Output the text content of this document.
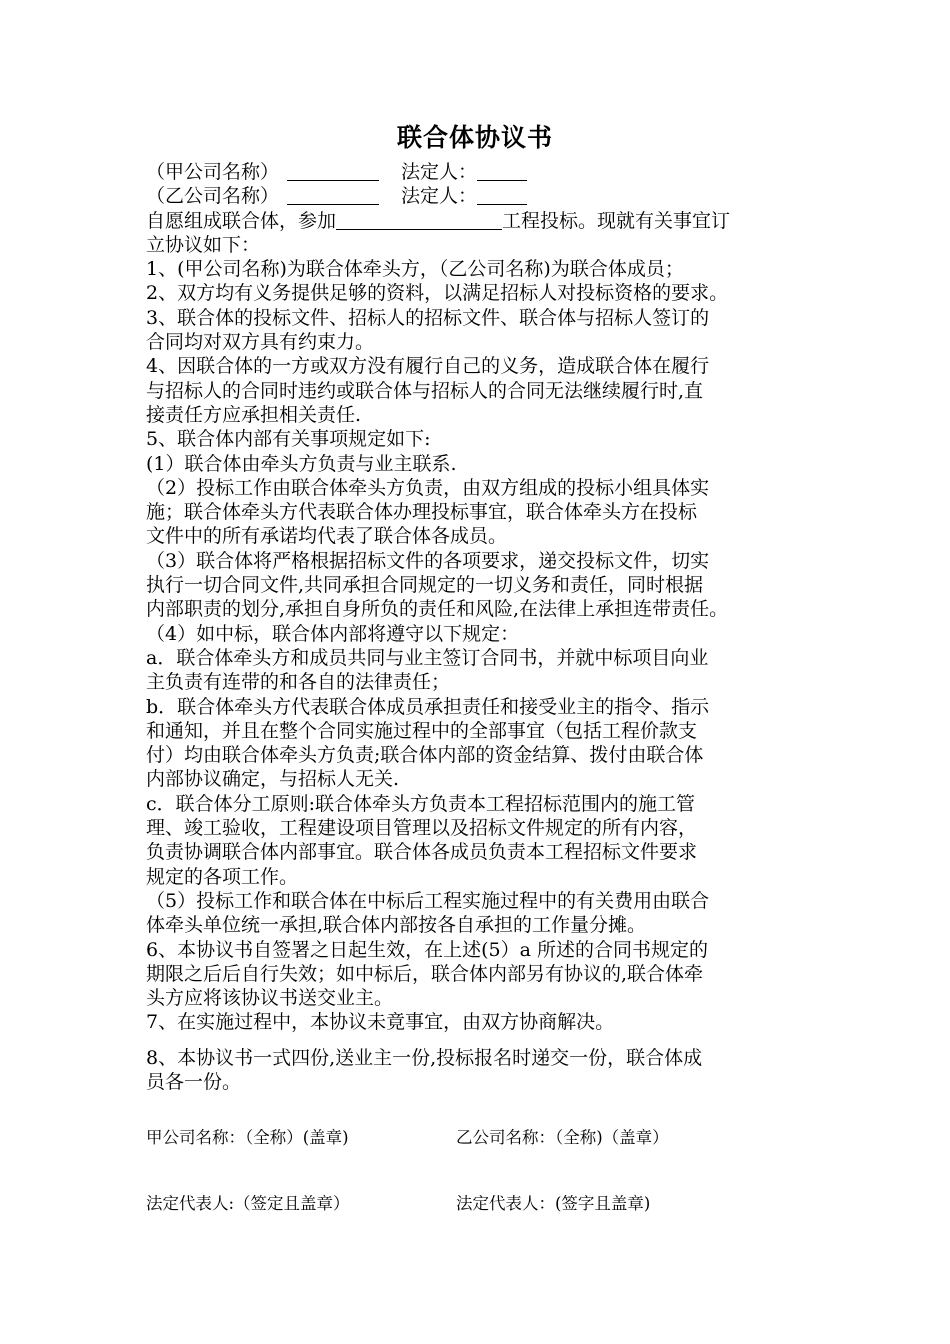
联合体协议书
（甲公司名称）	法定人：
（乙公司名称）	法定人：
自愿组成联合体，参加	工程投标。现就有关事宜订
立协议如下：
1、(甲公司名称)为联合体牵头方，（乙公司名称)为联合体成员；
2、双方均有义务提供足够的资料，以满足招标人对投标资格的要求。
3、联合体的投标文件、招标人的招标文件、联合体与招标人签订的
合同均对双方具有约束力。
4、因联合体的一方或双方没有履行自己的义务，造成联合体在履行
与招标人的合同时违约或联合体与招标人的合同无法继续履行时,直
接责任方应承担相关责任.
5、联合体内部有关事项规定如下:
(1）联合体由牵头方负责与业主联系.
（2）投标工作由联合体牵头方负责，由双方组成的投标小组具体实
施；联合体牵头方代表联合体办理投标事宜，联合体牵头方在投标
文件中的所有承诺均代表了联合体各成员。
（3）联合体将严格根据招标文件的各项要求，递交投标文件，切实
执行一切合同文件,共同承担合同规定的一切义务和责任，同时根据
内部职责的划分,承担自身所负的责任和风险,在法律上承担连带责任。
（4）如中标，联合体内部将遵守以下规定：
a．联合体牵头方和成员共同与业主签订合同书，并就中标项目向业
主负责有连带的和各自的法律责任；
b．联合体牵头方代表联合体成员承担责任和接受业主的指令、指示
和通知，并且在整个合同实施过程中的全部事宜（包括工程价款支
付）均由联合体牵头方负责;联合体内部的资金结算、拨付由联合体
内部协议确定，与招标人无关.
c．联合体分工原则:联合体牵头方负责本工程招标范围内的施工管
理、竣工验收，工程建设项目管理以及招标文件规定的所有内容，
负责协调联合体内部事宜。联合体各成员负责本工程招标文件要求
规定的各项工作。
（5）投标工作和联合体在中标后工程实施过程中的有关费用由联合
体牵头单位统一承担,联合体内部按各自承担的工作量分摊。
6、本协议书自签署之日起生效，在上述(5）a 所述的合同书规定的
期限之后后自行失效；如中标后，联合体内部另有协议的,联合体牵
头方应将该协议书送交业主。
7、在实施过程中，本协议未竟事宜，由双方协商解决。
8、本协议书一式四份,送业主一份,投标报名时递交一份，联合体成
员各一份。
甲公司名称：（全称）(盖章)	乙公司名称：（全称)（盖章）
法定代表人:（签定且盖章）	法定代表人：(签字且盖章)
